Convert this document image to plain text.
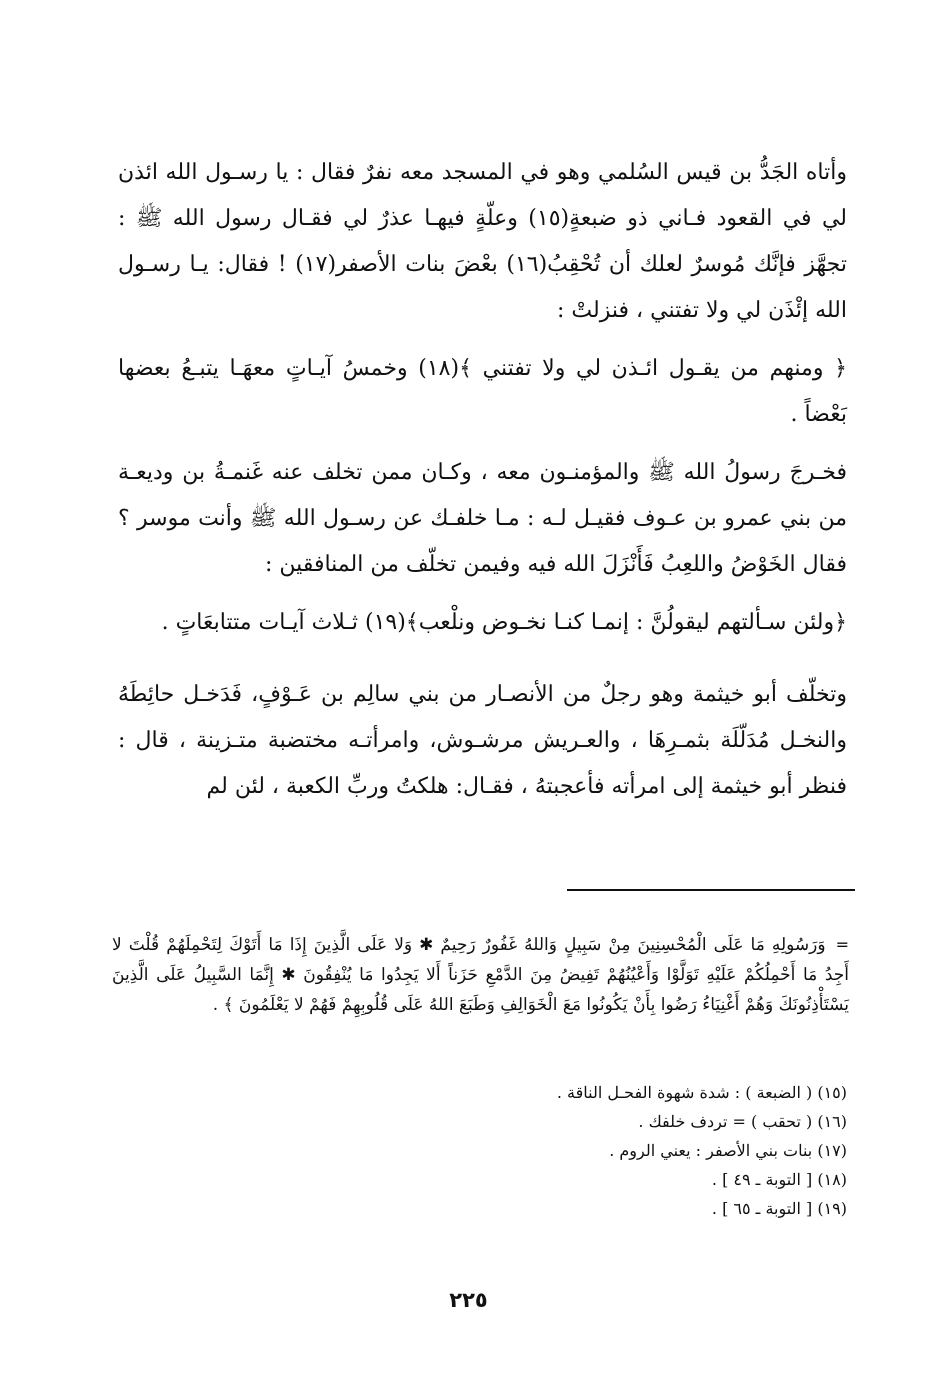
وأتاه الجَدُّ بن قيس السُلمي وهو في المسجد معه نفرٌ فقال : يا رسـول الله ائذن لي في القعود فـاني ذو ضبعةٍ(١٥) وعلّةٍ فيهـا عذرٌ لي فقـال رسول الله ﷺ : تجهَّز فإنَّك مُوسرٌ لعلك أن تُحْقِبُ(١٦) بعْضَ بنات الأصفر(١٧) ! فقال: يـا رسـول الله إئْذَن لي ولا تفتني ، فنزلتْ :

﴿ ومنهم من يقـول ائـذن لي ولا تفتني ﴾(١٨) وخمسُ آيـاتٍ معهَـا يتبـعُ بعضها بَعْضاً .

فخـرجَ رسولُ الله ﷺ والمؤمنـون معه ، وكـان ممن تخلف عنه غَنمـةُ بن وديعـة من بني عمرو بن عـوف فقيـل لـه : مـا خلفـك عن رسـول الله ﷺ وأنت موسر ؟ فقال الخَوْضُ واللعِبُ فَأَنْزَلَ الله فيه وفيمن تخلّف من المنافقين :

﴿ولئن سـألتهم ليقولُنَّ : إنمـا كنـا نخـوض ونلْعب﴾(١٩) ثـلاث آيـات متتابعَاتٍ .

وتخلّف أبو خيثمة وهو رجلٌ من الأنصـار من بني سالِم بن عَـوْفٍ، فَدَخـل حائِطَهُ والنخـل مُدَلّلَة بثمـرِهَا ، والعـريش مرشـوش، وامرأتـه مختضبة متـزينة ، قال : فنظر أبو خيثمة إلى امرأته فأعجبتهُ ، فقـال: هلكتُ وربِّ الكعبة ، لئن لم

=
وَرَسُولِهِ مَا عَلَى الْمُحْسِنِينَ مِنْ سَبِيلٍ وَاللهُ غَفُورٌ رَحِيمٌ ✱ وَلا عَلَى الَّذِينَ إِذَا مَا أَتَوْكَ لِتَحْمِلَهُمْ قُلْتَ لا أَجِدُ مَا أَحْمِلُكُمْ عَلَيْهِ تَوَلَّوْا وَأَعْيُنُهُمْ تَفِيضُ مِنَ الدَّمْعِ حَزَناً أَلا يَجِدُوا مَا يُنْفِقُونَ ✱ إِنَّمَا السَّبِيلُ عَلَى الَّذِينَ يَسْتَأْذِنُونَكَ وَهُمْ أَغْنِيَاءُ رَضُوا بِأَنْ يَكُونُوا مَعَ الْخَوَالِفِ وَطَبَعَ اللهُ عَلَى قُلُوبِهِمْ فَهُمْ لا يَعْلَمُونَ ﴾ .
(١٥) ( الضبعة ) : شدة شهوة الفحـل الناقة .
(١٦) ( تحقب ) = تردف خلفك .
(١٧) بنات بني الأصفر : يعني الروم .
(١٨) [ التوبة ـ ٤٩ ] .
(١٩) [ التوبة ـ ٦٥ ] .
٢٢٥
